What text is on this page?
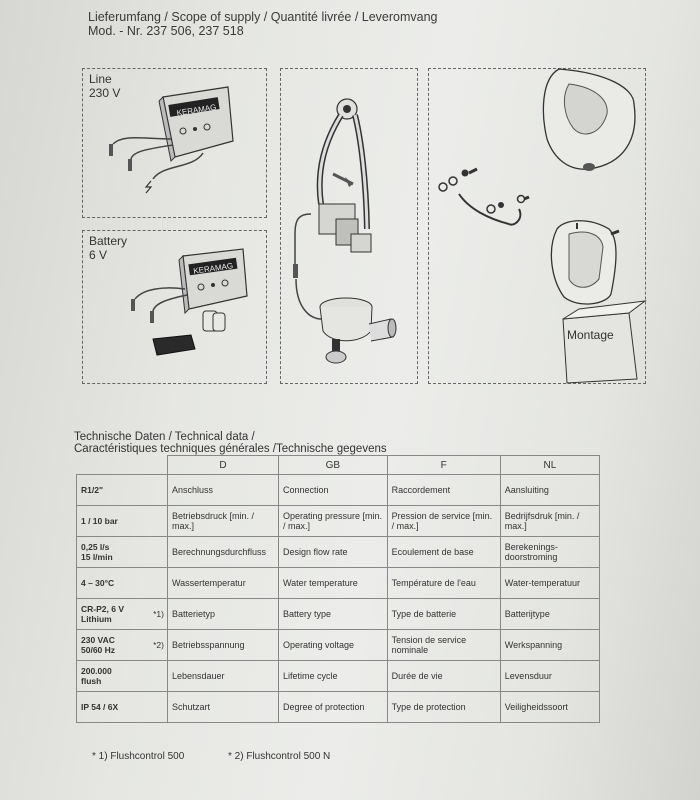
Lieferumfang / Scope of supply / Quantité livrée / Leveromvang
Mod. - Nr. 237 506, 237 518
Line
230 V
KERAMAG
Battery
6 V
KERAMAG
Montage
Technische Daten / Technical data /
Caractéristiques techniques générales /Technische gegevens
	D	GB	F	NL
R1/2"	Anschluss	Connection	Raccordement	Aansluiting
1 / 10 bar	Betriebsdruck [min. / max.]	Operating pressure [min. / max.]	Pression de service [min. / max.]	Bedrijfsdruk [min. / max.]

0,25 l/s
15 l/min	Berechnungsdurchfluss	Design flow rate	Ecoulement de base	Berekenings-doorstroming
4 – 30°C	Wassertemperatur	Water temperature	Température de l'eau	Water-temperatuur

CR-P2, 6 V
Lithium *1)	Batterietyp	Battery type	Type de batterie	Batterijtype

230 VAC
50/60 Hz *2)	Betriebsspannung	Operating voltage	Tension de service nominale	Werkspanning

200.000
flush	Lebensdauer	Lifetime cycle	Durée de vie	Levensduur
IP 54 / 6X	Schutzart	Degree of protection	Type de protection	Veiligheidssoort
* 1) Flushcontrol 500	* 2) Flushcontrol 500 N
